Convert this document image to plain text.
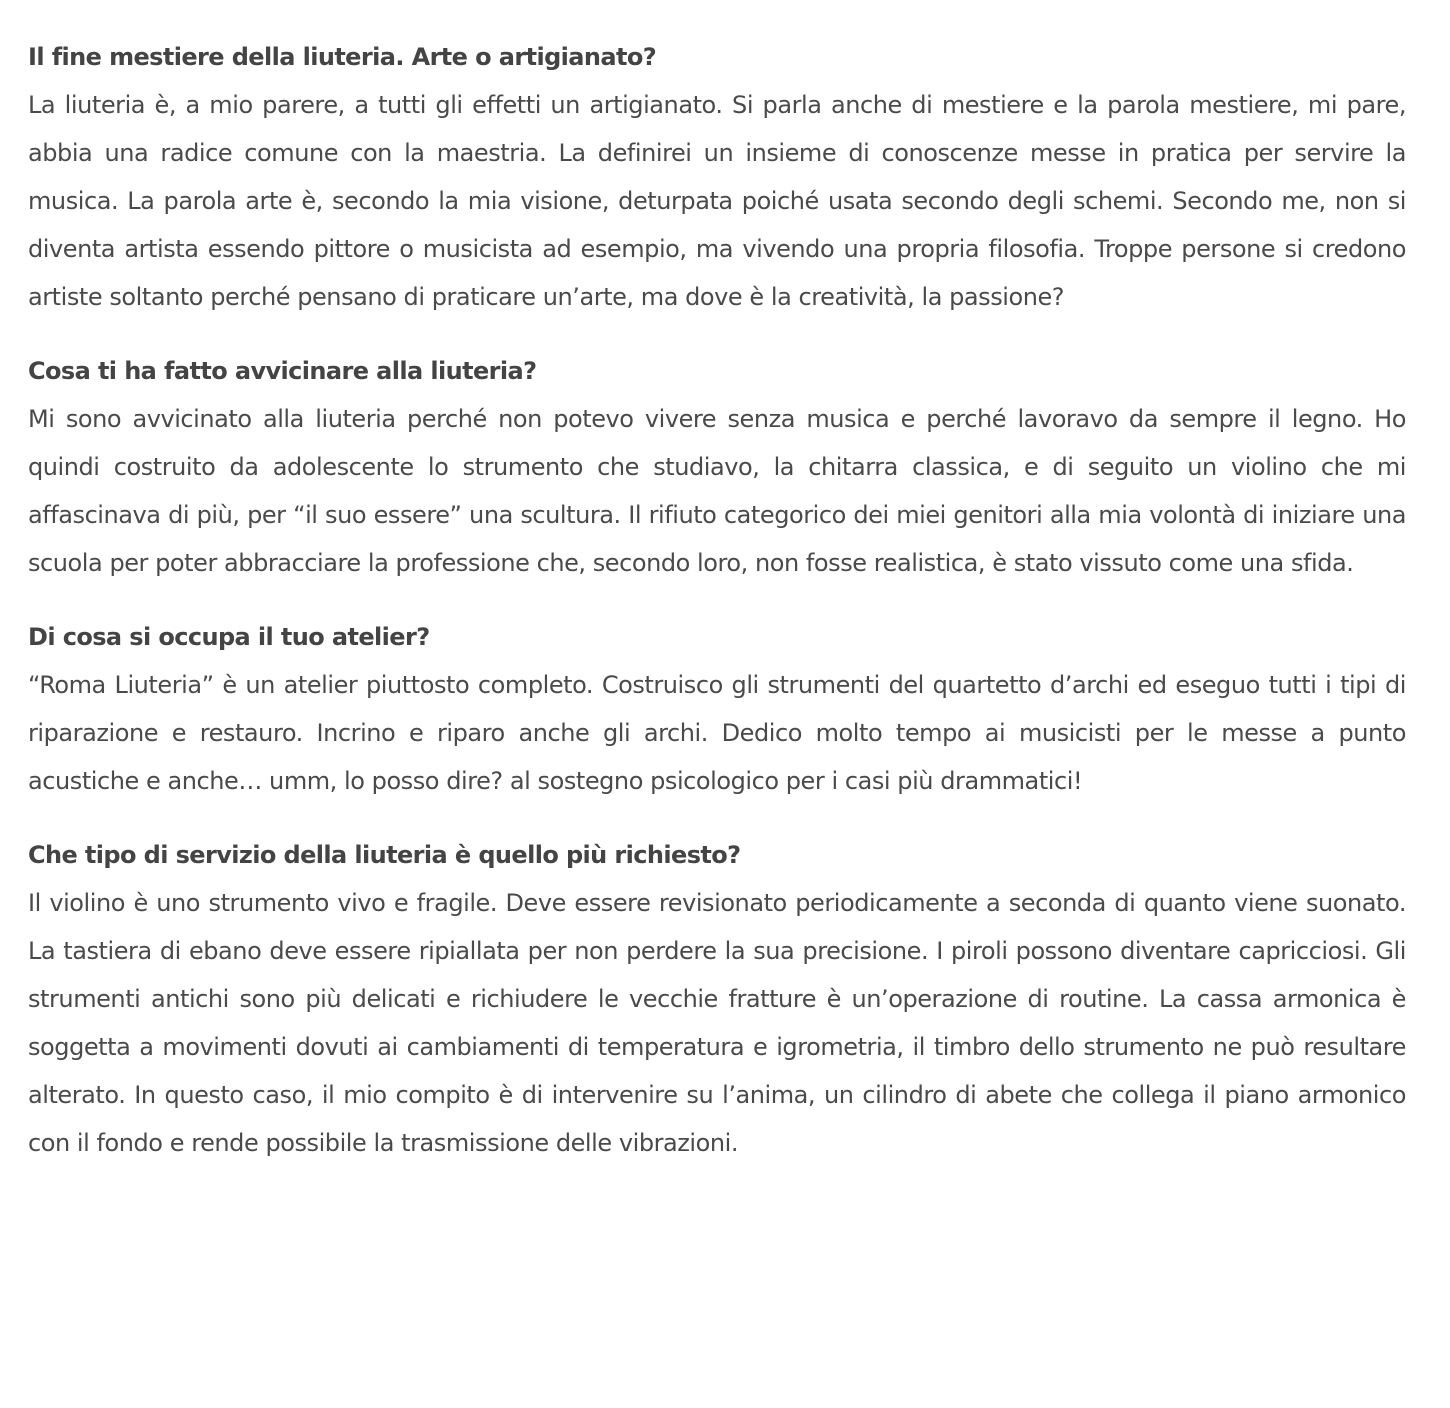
Il fine mestiere della liuteria. Arte o artigianato?

La liuteria è, a mio parere, a tutti gli effetti un artigianato. Si parla anche di mestiere e la parola mestiere, mi pare, abbia una radice comune con la maestria. La definirei un insieme di conoscenze messe in pratica per servire la musica. La parola arte è, secondo la mia visione, deturpata poiché usata secondo degli schemi. Secondo me, non si diventa artista essendo pittore o musicista ad esempio, ma vivendo una propria filosofia. Troppe persone si credono artiste soltanto perché pensano di praticare un’arte, ma dove è la creatività, la passione?

Cosa ti ha fatto avvicinare alla liuteria?

Mi sono avvicinato alla liuteria perché non potevo vivere senza musica e perché lavoravo da sempre il legno. Ho quindi costruito da adolescente lo strumento che studiavo, la chitarra classica, e di seguito un violino che mi affascinava di più, per “il suo essere” una scultura. Il rifiuto categorico dei miei genitori alla mia volontà di iniziare una scuola per poter abbracciare la professione che, secondo loro, non fosse realistica, è stato vissuto come una sfida.

Di cosa si occupa il tuo atelier?

“Roma Liuteria” è un atelier piuttosto completo. Costruisco gli strumenti del quartetto d’archi ed eseguo tutti i tipi di riparazione e restauro. Incrino e riparo anche gli archi. Dedico molto tempo ai musicisti per le messe a punto acustiche e anche… umm, lo posso dire? al sostegno psicologico per i casi più drammatici!

Che tipo di servizio della liuteria è quello più richiesto?

Il violino è uno strumento vivo e fragile. Deve essere revisionato periodicamente a seconda di quanto viene suonato. La tastiera di ebano deve essere ripiallata per non perdere la sua precisione. I piroli possono diventare capricciosi. Gli strumenti antichi sono più delicati e richiudere le vecchie fratture è un’operazione di routine. La cassa armonica è soggetta a movimenti dovuti ai cambiamenti di temperatura e igrometria, il timbro dello strumento ne può resultare alterato. In questo caso, il mio compito è di intervenire su l’anima, un cilindro di abete che collega il piano armonico con il fondo e rende possibile la trasmissione delle vibrazioni.
